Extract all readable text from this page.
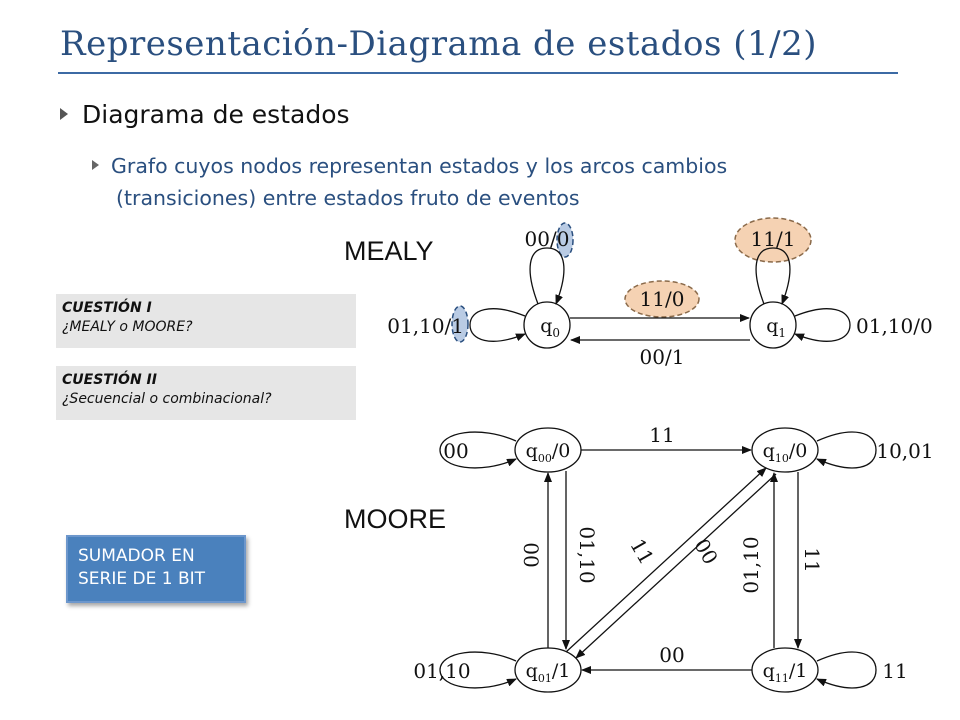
Representación-Diagrama de estados (1/2)
Diagrama de estados
Grafo cuyos nodos representan estados y los arcos cambios
(transiciones) entre estados fruto de eventos
CUESTIÓN I
¿MEALY o MOORE?
CUESTIÓN II
¿Secuencial o combinacional?
MEALY
MOORE
SUMADOR EN
SERIE DE 1 BIT
$q_0$	$q_1$
00/0
01,10/1
11/0
00/1
11/1
01,10/0
$q_{00}/0$	$q_{10}/0$
$q_{01}/1$	$q_{11}/1$
00
11
10,01
01,10
00
11
00 01,10 11 00 01,10 11
